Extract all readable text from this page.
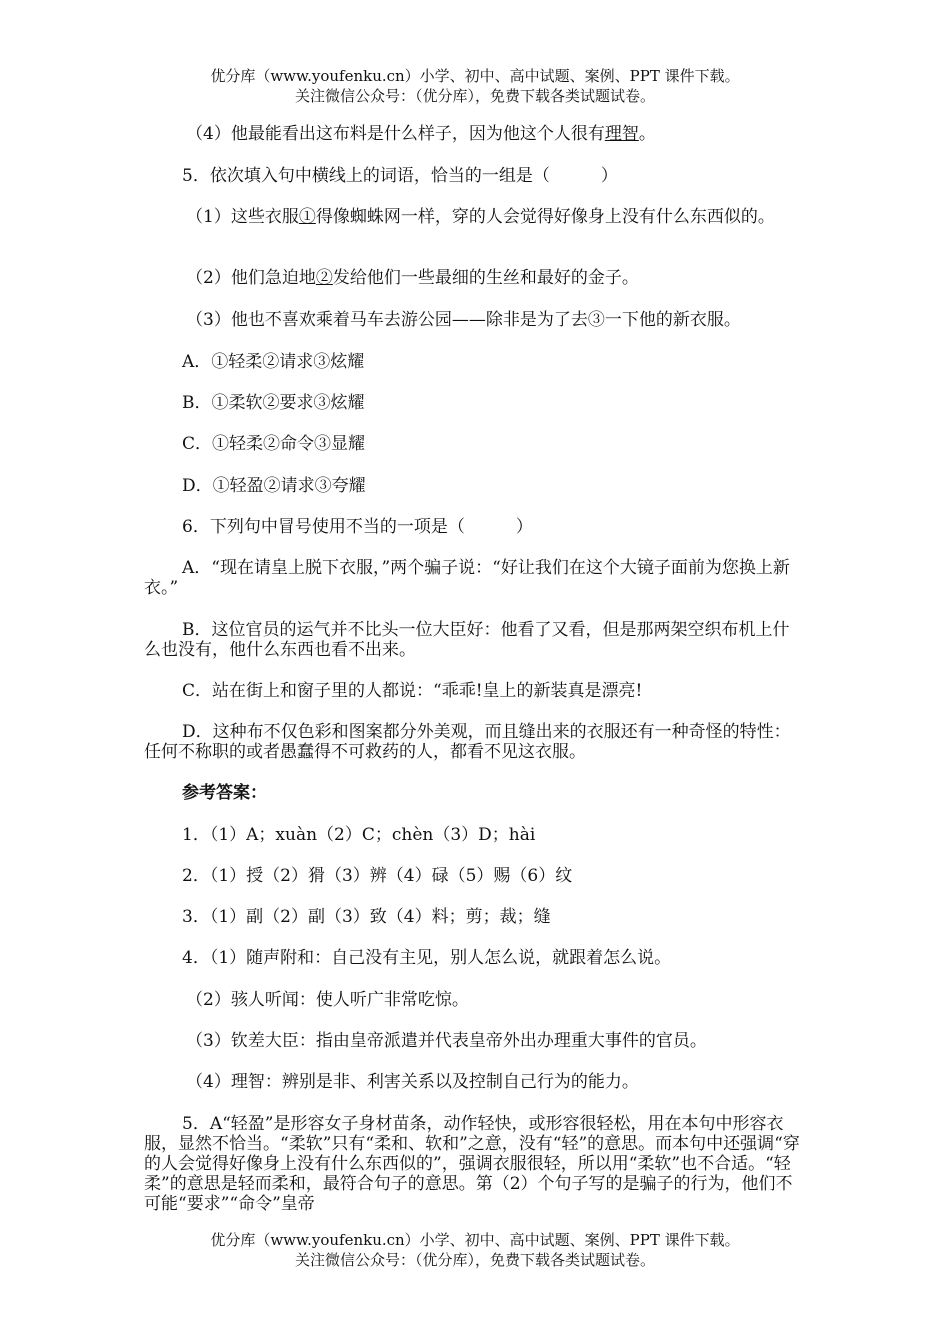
优分库（www.youfenku.cn）小学、初中、高中试题、案例、PPT 课件下载。
关注微信公众号：（优分库），免费下载各类试题试卷。
（4）他最能看出这布料是什么样子，因为他这个人很有理智。
5．依次填入句中横线上的词语，恰当的一组是（　　　）
（1）这些衣服①得像蜘蛛网一样，穿的人会觉得好像身上没有什么东西似的。
（2）他们急迫地②发给他们一些最细的生丝和最好的金子。
（3）他也不喜欢乘着马车去游公园——除非是为了去③一下他的新衣服。
A．①轻柔②请求③炫耀
B．①柔软②要求③炫耀
C．①轻柔②命令③显耀
D．①轻盈②请求③夸耀
6．下列句中冒号使用不当的一项是（　　　）
A．“现在请皇上脱下衣服，”两个骗子说：“好让我们在这个大镜子面前为您换上新衣。”
B．这位官员的运气并不比头一位大臣好：他看了又看，但是那两架空织布机上什么也没有，他什么东西也看不出来。
C．站在街上和窗子里的人都说：“乖乖!皇上的新装真是漂亮!
D．这种布不仅色彩和图案都分外美观，而且缝出来的衣服还有一种奇怪的特性：任何不称职的或者愚蠢得不可救药的人，都看不见这衣服。
参考答案：
1．（1）A；xuàn（2）C；chèn（3）D；hài
2．（1）授（2）猾（3）辨（4）碌（5）赐（6）纹
3．（1）副（2）副（3）致（4）料；剪；裁；缝
4．（1）随声附和：自己没有主见，别人怎么说，就跟着怎么说。
（2）骇人听闻：使人听广非常吃惊。
（3）钦差大臣：指由皇帝派遣并代表皇帝外出办理重大事件的官员。
（4）理智：辨别是非、利害关系以及控制自己行为的能力。
5．A“轻盈”是形容女子身材苗条，动作轻快，或形容很轻松，用在本句中形容衣服，显然不恰当。“柔软”只有“柔和、软和”之意，没有“轻”的意思。而本句中还强调“穿的人会觉得好像身上没有什么东西似的”，强调衣服很轻，所以用“柔软”也不合适。“轻柔”的意思是轻而柔和，最符合句子的意思。第（2）个句子写的是骗子的行为，他们不可能“要求”“命令”皇帝
优分库（www.youfenku.cn）小学、初中、高中试题、案例、PPT 课件下载。
关注微信公众号：（优分库），免费下载各类试题试卷。
